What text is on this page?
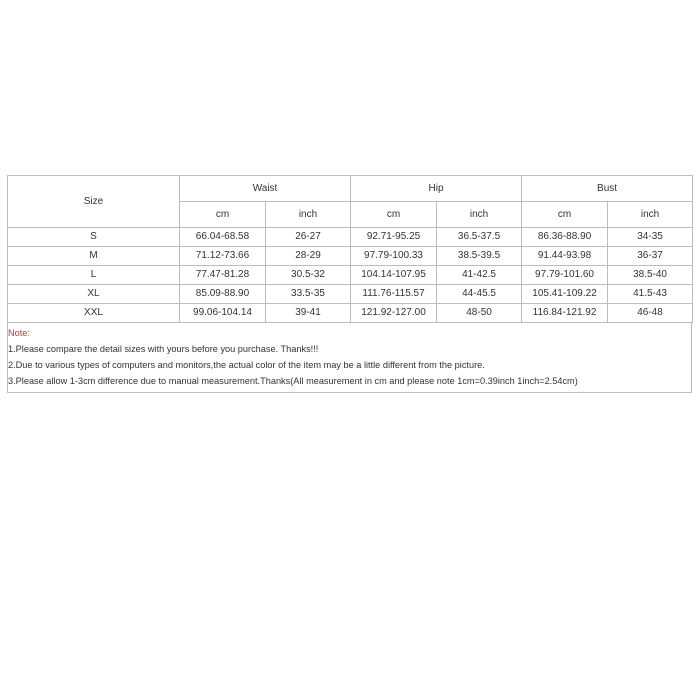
Size	Waist		Hip		Bust	
	cm	inch	cm	inch	cm	inch
S	66.04-68.58	26-27	92.71-95.25	36.5-37.5	86.36-88.90	34-35
M	71.12-73.66	28-29	97.79-100.33	38.5-39.5	91.44-93.98	36-37
L	77.47-81.28	30.5-32	104.14-107.95	41-42.5	97.79-101.60	38.5-40
XL	85.09-88.90	33.5-35	111.76-115.57	44-45.5	105.41-109.22	41.5-43
XXL	99.06-104.14	39-41	121.92-127.00	48-50	116.84-121.92	46-48
Note:
1.Please compare the detail sizes with yours before you purchase. Thanks!!!
2.Due to various types of computers and monitors,the actual color of the item may be a little different from the picture.
3.Please allow 1-3cm difference due to manual measurement.Thanks(All measurement in cm and please note 1cm=0.39inch 1inch=2.54cm)
